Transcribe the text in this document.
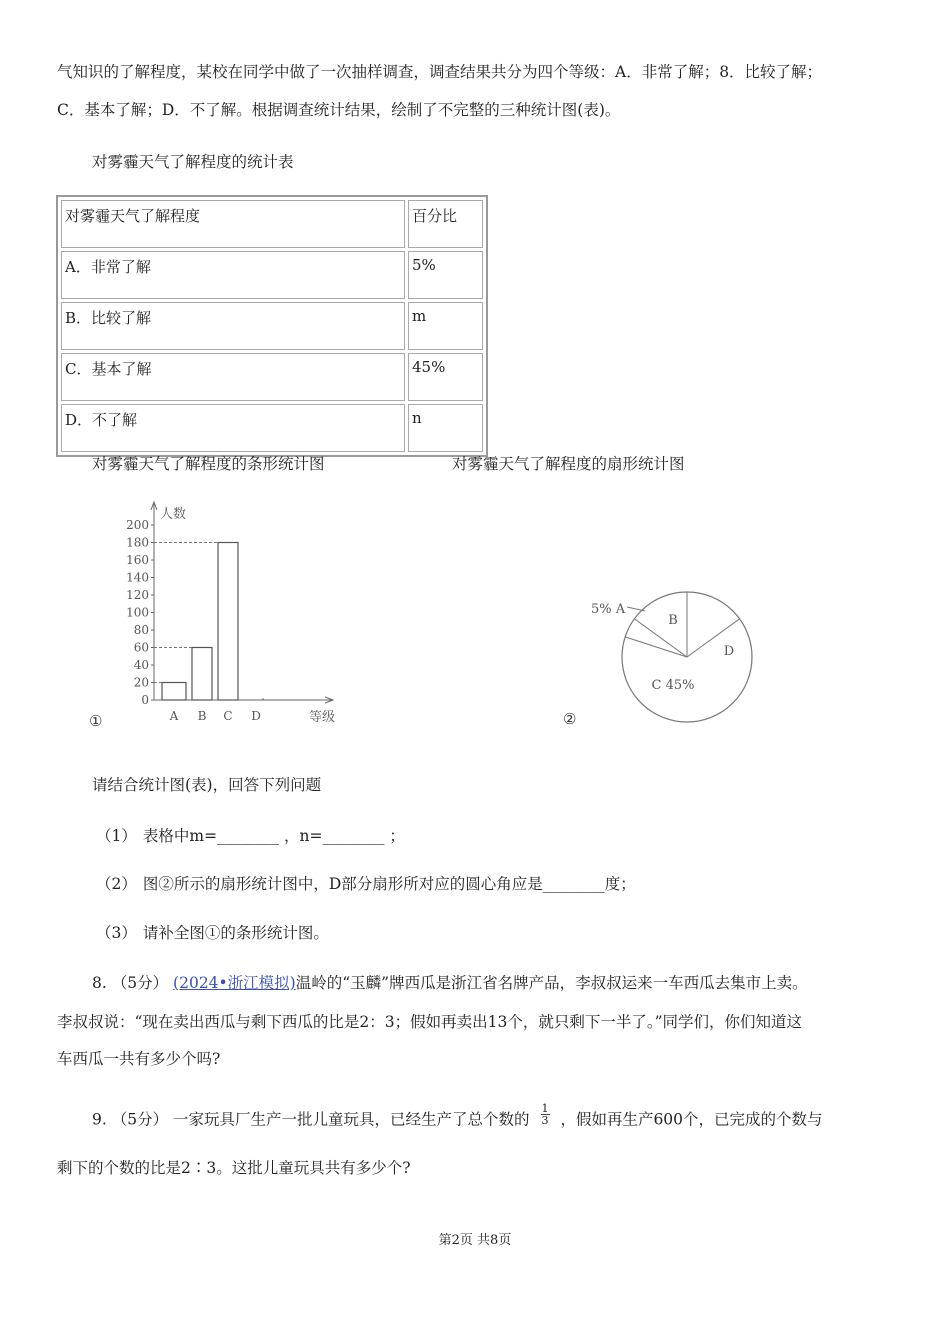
气知识的了解程度，某校在同学中做了一次抽样调查，调查结果共分为四个等级：A．非常了解；8．比较了解；
C．基本了解；D．不了解。根据调查统计结果，绘制了不完整的三种统计图(表)。
对雾霾天气了解程度的统计表
对雾霾天气了解程度	百分比
A．非常了解	5%
B．比较了解	m
C．基本了解	45%
D．不了解	n
对雾霾天气了解程度的条形统计图	对雾霾天气了解程度的扇形统计图
①
人数
等级
0
20
40
60
80
100
120
140
160
180
200
A B C D	②
5% A
B
C 45%
D
请结合统计图(表)，回答下列问题
（1） 表格中m=________ ，n=________ ；
（2） 图②所示的扇形统计图中，D部分扇形所对应的圆心角应是________度；
（3） 请补全图①的条形统计图。
8. （5分） (2024•浙江模拟)温岭的“玉麟”牌西瓜是浙江省名牌产品，李叔叔运来一车西瓜去集市上卖。
李叔叔说：“现在卖出西瓜与剩下西瓜的比是2：3；假如再卖出13个，就只剩下一半了。”同学们，你们知道这
车西瓜一共有多少个吗?
9. （5分） 一家玩具厂生产一批儿童玩具，已经生产了总个数的 $\frac{1}{3}$ ，假如再生产600个，已完成的个数与
剩下的个数的比是2∶3。这批儿童玩具共有多少个?
第2页 共8页
